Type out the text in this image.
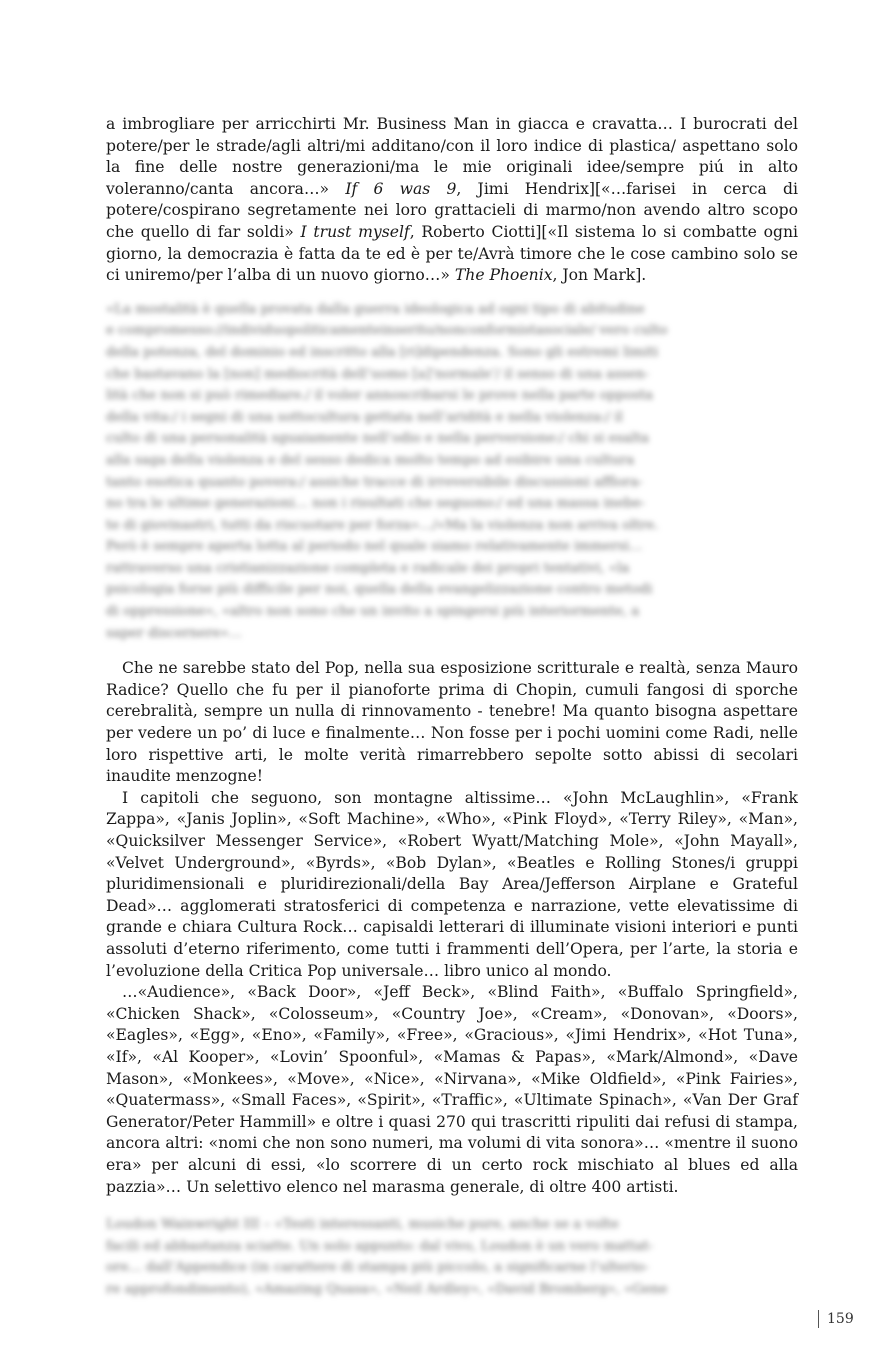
a imbrogliare per arricchirti Mr. Business Man in giacca e cravatta… I burocrati del potere/per le strade/agli altri/mi additano/con il loro indice di plastica/ aspettano solo la fine delle nostre generazioni/ma le mie originali idee/sempre piú in alto voleranno/canta ancora…» If 6 was 9, Jimi Hendrix][«…farisei in cerca di potere/cospirano segretamente nei loro grattacieli di marmo/non avendo altro scopo che quello di far soldi» I trust myself, Roberto Ciotti][«Il sistema lo si combatte ogni giorno, la democrazia è fatta da te ed è per te/Avrà timore che le cose cambino solo se ci uniremo/per l’alba di un nuovo giorno…» The Phoenix, Jon Mark].

«La mostalità è quella provata dalla guerra ideologica ad ogni tipo di abitudine
e compromesso://individuopoliticamenteinserito/nonconformistasociale/ vero culto
della potenza, del dominio ed inscritto alla [ri]dipendenza. Sono gli estremi limiti
che bastavano la [non] mediocrità dell’uomo [a]‘normale’/ il senso di una assen-
lità che non si può rimediare./ il voler annoscribarsi le prove nella parte opposta
della vita:/ i segni di una sottocultura gettata nell’aridità e nella violenza:/ il
culto di una personalità sguaiamente nell’odio e nella perversione:/ chi si esalta
alla saga della violenza e del sesso dedica molto tempo ad esibire una cultura
tanto esotica quanto povera:/ assiche tracce di irreversibile discussioni afflora-
no tra le ultime generazioni… non i risultati che seguono:/ ed una massa inebe-
te di giovinastri, tutti da riscuotare per forza»…/«Ma la violenza non arriva oltre.
Però è sempre aperta lotta al periodo nel quale siamo relativamente immersi…
rattraverso una cristianizzazione completa e radicale dei propri tentativi, «la
psicologia forse più difficile per noi, quella della evangelizzazione contro metodi
di oppressione», «altro non sono che un invito a spingersi più interiormente, a
saper discernere»…

Che ne sarebbe stato del Pop, nella sua esposizione scritturale e realtà, senza Mauro Radice? Quello che fu per il pianoforte prima di Chopin, cumuli fangosi di sporche cerebralità, sempre un nulla di rinnovamento - tenebre! Ma quanto bisogna aspettare per vedere un po’ di luce e finalmente… Non fosse per i pochi uomini come Radi, nelle loro rispettive arti, le molte verità rimarrebbero sepolte sotto abissi di secolari inaudite menzogne!

I capitoli che seguono, son montagne altissime… «John McLaughlin», «Frank Zappa», «Janis Joplin», «Soft Machine», «Who», «Pink Floyd», «Terry Riley», «Man», «Quicksilver Messenger Service», «Robert Wyatt/Matching Mole», «John Mayall», «Velvet Underground», «Byrds», «Bob Dylan», «Beatles e Rolling Stones/i gruppi pluridimensionali e pluridirezionali/della Bay Area/Jefferson Airplane e Grateful Dead»… agglomerati stratosferici di competenza e narrazione, vette elevatissime di grande e chiara Cultura Rock… capisaldi letterari di illuminate visioni interiori e punti assoluti d’eterno riferimento, come tutti i frammenti dell’Opera, per l’arte, la storia e l’evoluzione della Critica Pop universale… libro unico al mondo.

…«Audience», «Back Door», «Jeff Beck», «Blind Faith», «Buffalo Springfield», «Chicken Shack», «Colosseum», «Country Joe», «Cream», «Donovan», «Doors», «Eagles», «Egg», «Eno», «Family», «Free», «Gracious», «Jimi Hendrix», «Hot Tuna», «If», «Al Kooper», «Lovin’ Spoonful», «Mamas & Papas», «Mark/Almond», «Dave Mason», «Monkees», «Move», «Nice», «Nirvana», «Mike Oldfield», «Pink Fairies», «Quatermass», «Small Faces», «Spirit», «Traffic», «Ultimate Spinach», «Van Der Graf Generator/Peter Hammill» e oltre i quasi 270 qui trascritti ripuliti dai refusi di stampa, ancora altri: «nomi che non sono numeri, ma volumi di vita sonora»… «mentre il suono era» per alcuni di essi, «lo scorrere di un certo rock mischiato al blues ed alla pazzia»… Un selettivo elenco nel marasma generale, di oltre 400 artisti.

Loudon Wainwright III – «Testi interessanti, musiche pure, anche se a volte
facili ed abbastanza sciatte. Un solo appunto: dal vivo, Loudon è un vero mattat-
ore… dall’Appendice (in carattere di stampa più piccolo, a significarne l’ulterio-
re approfondimento), «Amazing Quasa», «Neil Ardley», «David Bromberg», «Gene
159
